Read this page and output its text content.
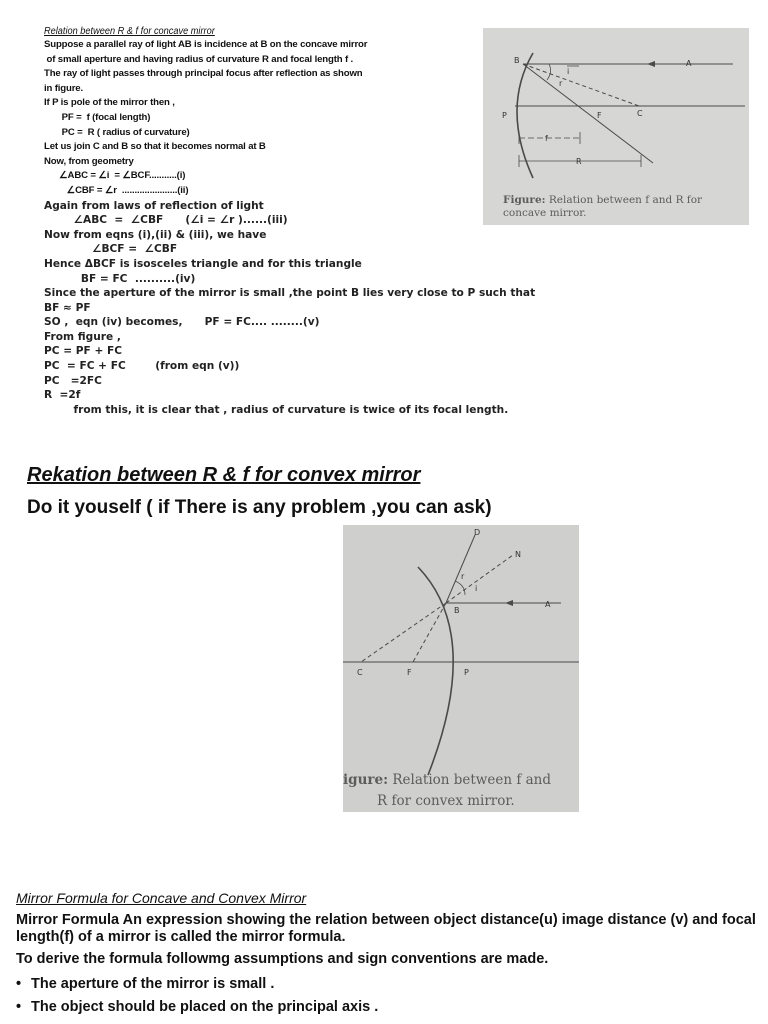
Relation between R & f for concave mirror

Suppose a parallel ray of light AB is incidence at B on the concave mirror

of small aperture and having radius of curvature R and focal length f .

The ray of light passes through principal focus after reflection as shown

in figure.

If P is pole of the mirror then ,

PF =  f (focal length)

PC =  R ( radius of curvature)

Let us join C and B so that it becomes normal at B

Now, from geometry

∠ABC = ∠i  = ∠BCF...........(i)

∠CBF = ∠r  ......................(ii)

Again from laws of reflection of light

∠ABC  =  ∠CBF      (∠i = ∠r )......(iii)

Now from eqns (i),(ii) & (iii), we have

∠BCF =  ∠CBF

Hence ΔBCF is isosceles triangle and for this triangle

BF = FC  ..........(iv)

Since the aperture of the mirror is small ,the point B lies very close to P such that

BF ≈ PF

SO ,  eqn (iv) becomes,      PF = FC.... ........(v)

From figure ,

PC = PF + FC

PC  = FC + FC        (from eqn (v))

PC   =2FC

R  =2f

from this, it is clear that , radius of curvature is twice of its focal length.

B	A
P	F	C
i
r
f
R
Figure: Relation between f and R for
concave mirror.

Rekation between R & f for convex mirror

Do it youself ( if There is any problem ,you can ask)

D
N
A
B
C	F	P
r
i
igure: Relation between f and
R for convex mirror.

Mirror Formula for Concave and Convex Mirror

Mirror Formula An expression showing the relation between object distance(u) image distance (v) and focal length(f) of a mirror is called the mirror formula.

To derive the formula followmg assumptions and sign conventions are made.

• The aperture of the mirror is small .
• The object should be placed on the principal axis .
